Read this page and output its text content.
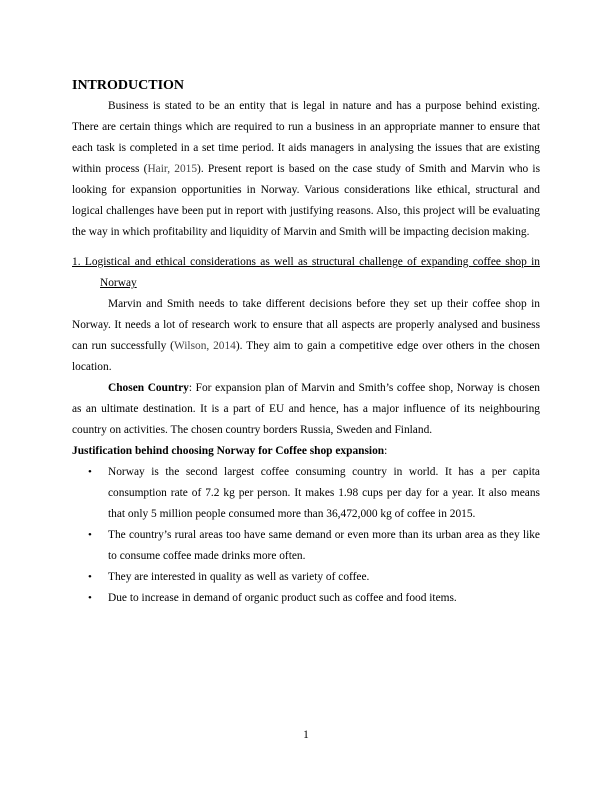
INTRODUCTION

Business is stated to be an entity that is legal in nature and has a purpose behind existing. There are certain things which are required to run a business in an appropriate manner to ensure that each task is completed in a set time period. It aids managers in analysing the issues that are existing within process (Hair, 2015). Present report is based on the case study of Smith and Marvin who is looking for expansion opportunities in Norway. Various considerations like ethical, structural and logical challenges have been put in report with justifying reasons. Also, this project will be evaluating the way in which profitability and liquidity of Marvin and Smith will be impacting decision making.

1. Logistical and ethical considerations as well as structural challenge of expanding coffee shop in Norway

Marvin and Smith needs to take different decisions before they set up their coffee shop in Norway. It needs a lot of research work to ensure that all aspects are properly analysed and business can run successfully (Wilson, 2014). They aim to gain a competitive edge over others in the chosen location.

Chosen Country: For expansion plan of Marvin and Smith’s coffee shop, Norway is chosen as an ultimate destination. It is a part of EU and hence, has a major influence of its neighbouring country on activities. The chosen country borders Russia, Sweden and Finland.

Justification behind choosing Norway for Coffee shop expansion:

• Norway is the second largest coffee consuming country in world. It has a per capita consumption rate of 7.2 kg per person. It makes 1.98 cups per day for a year. It also means that only 5 million people consumed more than 36,472,000 kg of coffee in 2015.
• The country’s rural areas too have same demand or even more than its urban area as they like to consume coffee made drinks more often.
• They are interested in quality as well as variety of coffee.
• Due to increase in demand of organic product such as coffee and food items.
1
